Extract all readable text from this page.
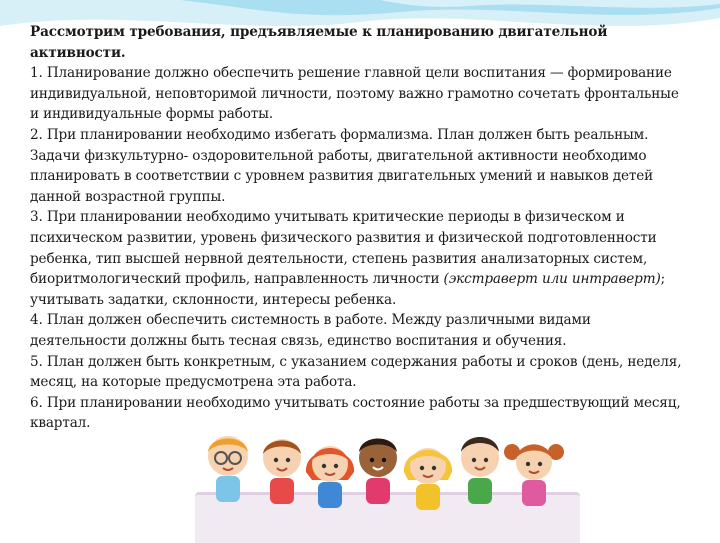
Рассмотрим требования, предъявляемые к планированию двигательной активности.

1. Планирование должно обеспечить решение главной цели воспитания — формирование индивидуальной, неповторимой личности, поэтому важно грамотно сочетать фронтальные и индивидуальные формы работы.

2. При планировании необходимо избегать формализма. План должен быть реальным. Задачи физкультурно- оздоровительной работы, двигательной активности необходимо планировать в соответствии с уровнем развития двигательных умений и навыков детей данной возрастной группы.

3. При планировании необходимо учитывать критические периоды в физическом и психическом развитии, уровень физического развития и физической подготовленности ребенка, тип высшей нервной деятельности, степень развития анализаторных систем, биоритмологический профиль, направленность личности (экстраверт или интраверт); учитывать задатки, склонности, интересы ребенка.

4. План должен обеспечить системность в работе. Между различными видами деятельности должны быть тесная связь, единство воспитания и обучения.

5. План должен быть конкретным, с указанием содержания работы и сроков (день, неделя, месяц, на которые предусмотрена эта работа.

6. При планировании необходимо учитывать состояние работы за предшествующий месяц, квартал.
